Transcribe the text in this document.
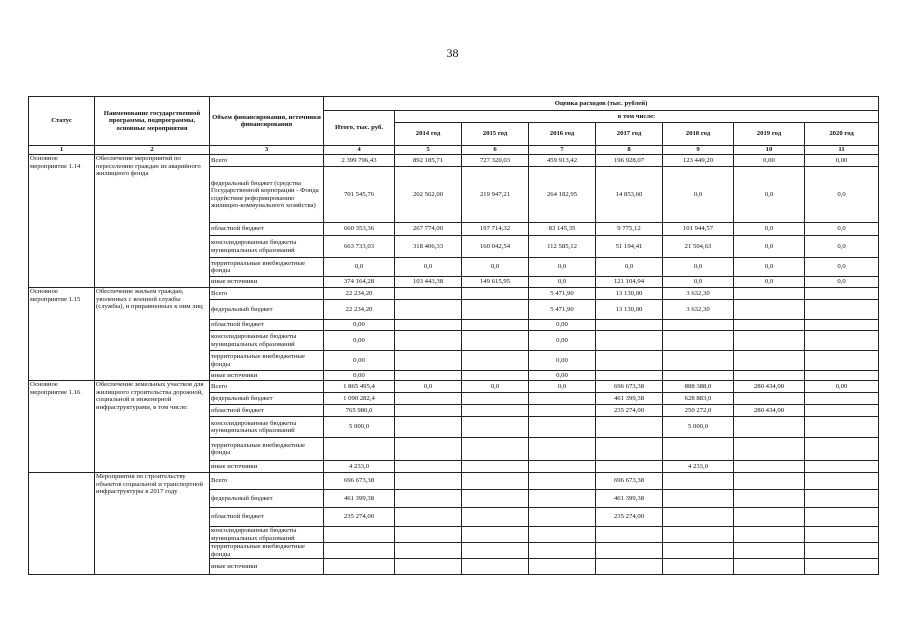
38
Статус	Наименование государственной программы, подпрограммы, основные мероприятия	Объем финансирования, источники финансирования	Оценка расходов (тыс. рублей)							
			Итого, тыс. руб.	в том числе:						
				2014 год	2015 год	2016 год	2017 год	2018 год	2019 год	2020 год
1	2	3	4	5	6	7	8	9	10	11
Основное мероприятие 1.14	Обеспечение мероприятий по переселению граждан из аварийного жилищного фонда	Всего	2 399 796,43	892 185,71	727 320,03	459 913,42	196 928,07	123 449,20	0,00	0,00
		федеральный бюджет (средства Государственной корпорации - Фонда содействия реформированию жилищно-коммунального хозяйства)	701 545,76	202 562,00	219 947,21	264 182,95	14 853,60	0,0	0,0	0,0
		областной бюджет	660 353,36	267 774,00	197 714,32	83 145,35	9 775,12	101 944,57	0,0	0,0
		консолидированные бюджеты муниципальных образований	663 733,03	318 406,33	160 042,54	112 585,12	51 194,41	21 504,63	0,0	0,0
		территориальные внебюджетные фонды	0,0	0,0	0,0	0,0	0,0	0,0	0,0	0,0
		иные источники	374 164,28	103 443,38	149 615,95	0,0	121 104,94	0,0	0,0	0,0
Основное мероприятие 1.15	Обеспечение жильем граждан, уволенных с военной службы (службы), и приравненных к ним лиц	Всего	22 234,20			5 471,90	13 130,00	3 632,30		
		федеральный бюджет	22 234,20			5 471,90	13 130,00	3 632,30		
		областной бюджет	0,00			0,00				
		консолидированные бюджеты муниципальных образований	0,00			0,00				
		территориальные внебюджетные фонды	0,00			0,00				
		иные источники	0,00			0,00				
Основное мероприятие 1.16	Обеспечение земельных участков для жилищного строительства дорожной, социальной и инженерной инфраструктурами, в том числе:	Всего	1 865 495,4	0,0	0,0	0,0	696 673,38	888 388,0	280 434,00	0,00
		федеральный бюджет	1 090 282,4				461 399,38	628 883,0		
		областной бюджет	765 980,0				235 274,00	250 272,0	280 434,00	
		консолидированные бюджеты муниципальных образований	5 000,0					5 000,0		
		территориальные внебюджетные фонды								
		иные источники	4 233,0					4 233,0		
	Мероприятия по строительству объектов социальной и транспортной инфраструктуры в 2017 году	Всего	696 673,38				696 673,38			
		федеральный бюджет	461 399,38				461 399,38			
		областной бюджет	235 274,00				235 274,00			
		консолидированные бюджеты муниципальных образований								
		территориальные внебюджетные фонды								
		иные источники								
